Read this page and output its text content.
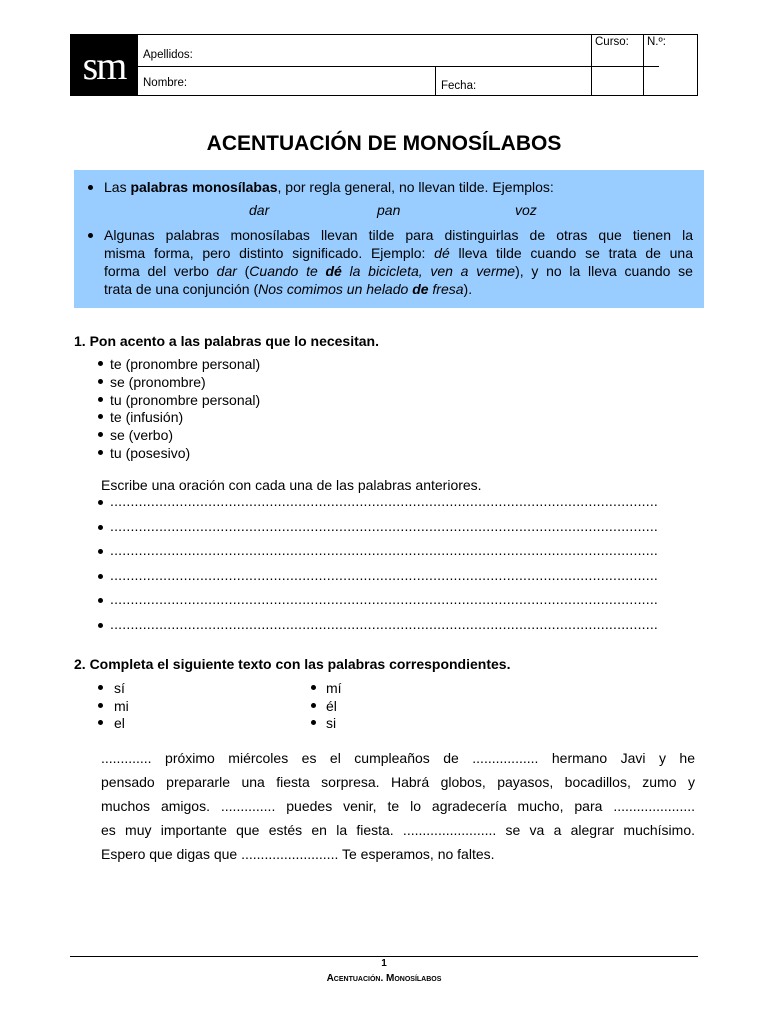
sm	Apellidos:
Nombre:	Fecha:
Curso: N.º:
ACENTUACIÓN DE MONOSÍLABOS
Las palabras monosílabas, por regla general, no llevan tilde. Ejemplos:
dar	pan	voz
Algunas palabras monosílabas llevan tilde para distinguirlas de otras que tienen la
misma forma, pero distinto significado. Ejemplo: dé lleva tilde cuando se trata de una
forma del verbo dar (Cuando te dé la bicicleta, ven a verme), y no la lleva cuando se
trata de una conjunción (Nos comimos un helado de fresa).
1. Pon acento a las palabras que lo necesitan.
te (pronombre personal)
se (pronombre)
tu (pronombre personal)
te (infusión)
se (verbo)
tu (posesivo)
Escribe una oración con cada una de las palabras anteriores.
......................................................................................................................................
......................................................................................................................................
......................................................................................................................................
......................................................................................................................................
......................................................................................................................................
......................................................................................................................................
2. Completa el siguiente texto con las palabras correspondientes.
sí
mi
el
mí
él
si
............. próximo miércoles es el cumpleaños de ................. hermano Javi y he
pensado prepararle una fiesta sorpresa. Habrá globos, payasos, bocadillos, zumo y
muchos amigos. .............. puedes venir, te lo agradecería mucho, para .....................
es muy importante que estés en la fiesta. ........................ se va a alegrar muchísimo.
Espero que digas que ......................... Te esperamos, no faltes.
1
Acentuación. Monosílabos
